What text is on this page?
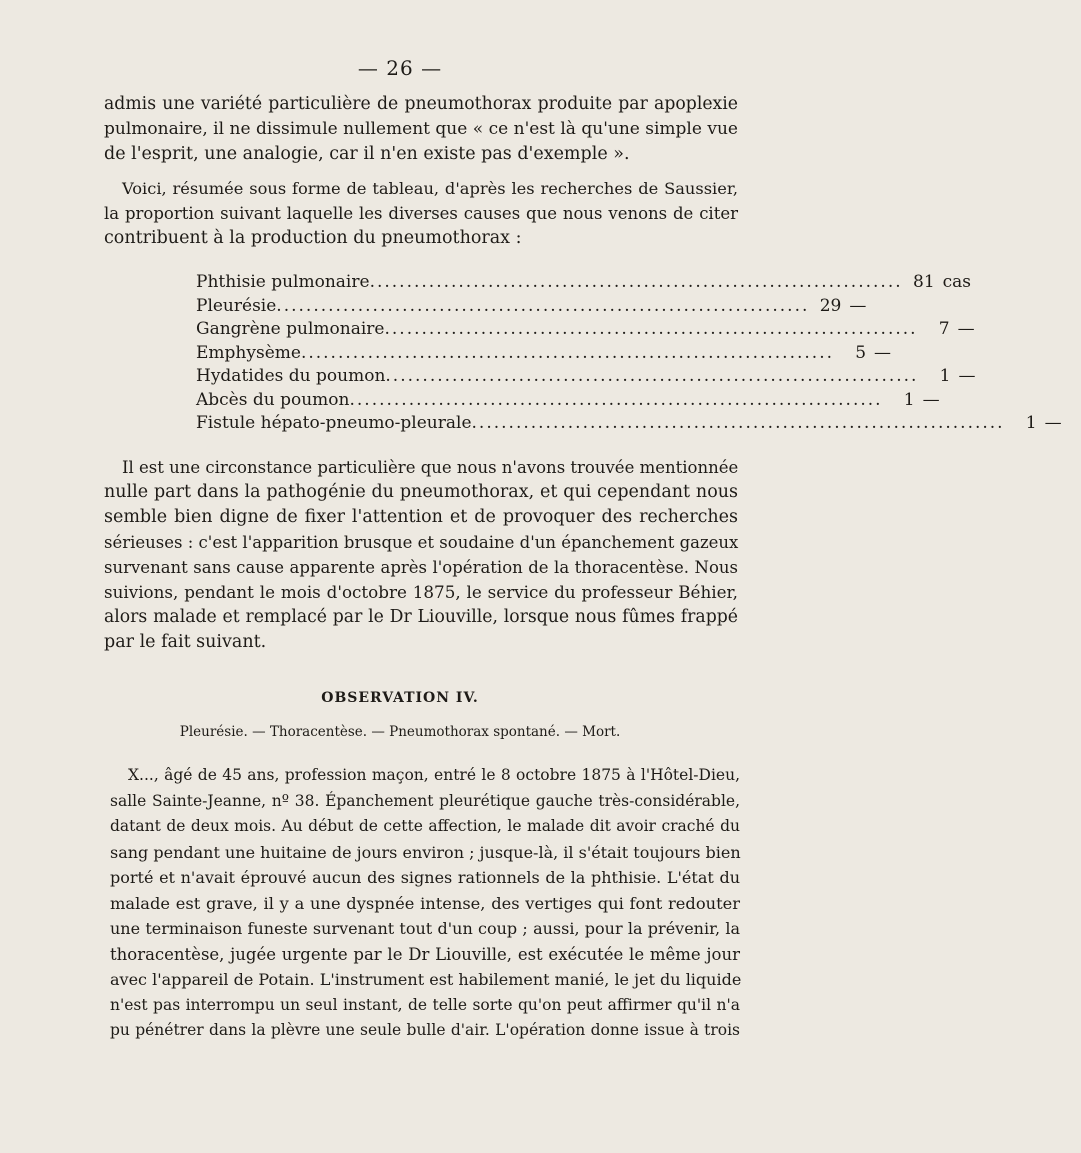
— 26 —

admis une variété particulière de pneumothorax produite par apoplexie
pulmonaire, il ne dissimule nullement que « ce n'est là qu'une simple vue
de l'esprit, une analogie, car il n'en existe pas d'exemple ».

Voici, résumée sous forme de tableau, d'après les recherches de Saussier,
la proportion suivant laquelle les diverses causes que nous venons de citer
contribuent à la production du pneumothorax :

Phthisie pulmonaire ........................................................................ 81 cas
Pleurésie ........................................................................ 29 —
Gangrène pulmonaire ........................................................................	7 —
Emphysème ........................................................................	5 —
Hydatides du poumon ........................................................................	1 —
Abcès du poumon ........................................................................	1 —
Fistule hépato-pneumo-pleurale ........................................................................	1 —

Il est une circonstance particulière que nous n'avons trouvée mentionnée
nulle part dans la pathogénie du pneumothorax, et qui cependant nous
semble bien digne de fixer l'attention et de provoquer des recherches
sérieuses : c'est l'apparition brusque et soudaine d'un épanchement gazeux
survenant sans cause apparente après l'opération de la thoracentèse. Nous
suivions, pendant le mois d'octobre 1875, le service du professeur Béhier,
alors malade et remplacé par le Dr Liouville, lorsque nous fûmes frappé
par le fait suivant.

OBSERVATION IV.
Pleurésie. — Thoracentèse. — Pneumothorax spontané. — Mort.

X..., âgé de 45 ans, profession maçon, entré le 8 octobre 1875 à l'Hôtel-Dieu,
salle Sainte-Jeanne, nº 38. Épanchement pleurétique gauche très-considérable,
datant de deux mois. Au début de cette affection, le malade dit avoir craché du
sang pendant une huitaine de jours environ ; jusque-là, il s'était toujours bien
porté et n'avait éprouvé aucun des signes rationnels de la phthisie. L'état du
malade est grave, il y a une dyspnée intense, des vertiges qui font redouter
une terminaison funeste survenant tout d'un coup ; aussi, pour la prévenir, la
thoracentèse, jugée urgente par le Dr Liouville, est exécutée le même jour
avec l'appareil de Potain. L'instrument est habilement manié, le jet du liquide
n'est pas interrompu un seul instant, de telle sorte qu'on peut affirmer qu'il n'a
pu pénétrer dans la plèvre une seule bulle d'air. L'opération donne issue à trois
